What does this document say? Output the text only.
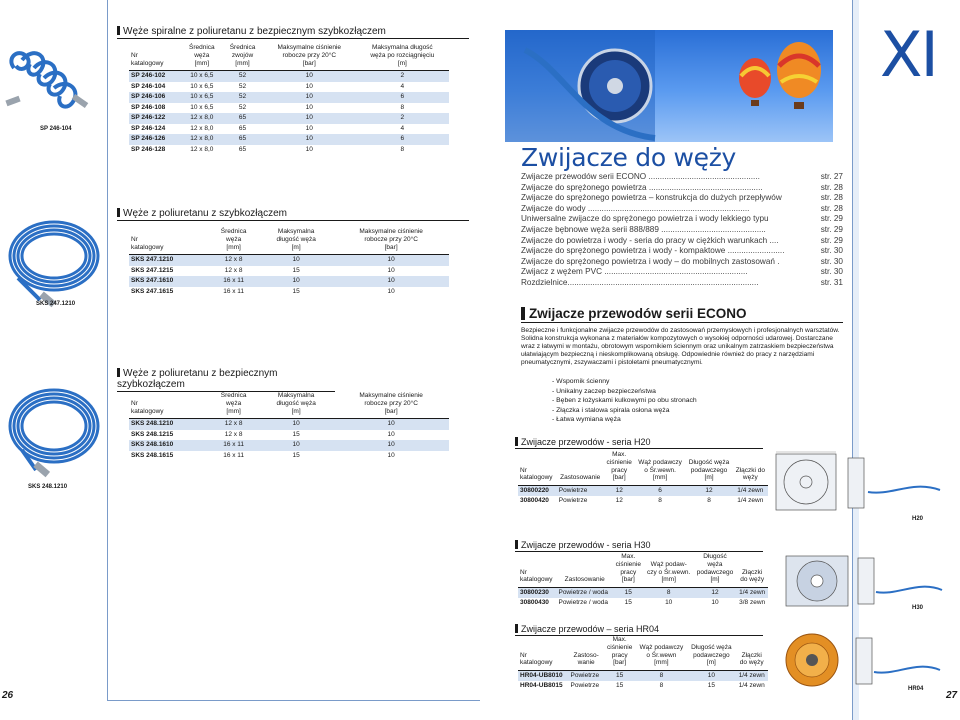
26	27
SP 246-104
Węże spiralne z poliuretanu z bezpiecznym szybkozłączem
Nr
katalogowy	Średnica
węża
[mm]	Średnica
zwojów
[mm]	Maksymalne ciśnienie
robocze przy 20°C
[bar]	Maksymalna długość
węża po rozciągnięciu
[m]
SP 246-102	10 x 6,5	52	10	2
SP 246-104	10 x 6,5	52	10	4
SP 246-106	10 x 6,5	52	10	6
SP 246-108	10 x 6,5	52	10	8
SP 246-122	12 x 8,0	65	10	2
SP 246-124	12 x 8,0	65	10	4
SP 246-126	12 x 8,0	65	10	6
SP 246-128	12 x 8,0	65	10	8
SKS 247.1210
Węże z poliuretanu z szybkozłączem
Nr
katalogowy	Średnica
węża
[mm]	Maksymalna
długość węża
[m]	Maksymalne ciśnienie
robocze przy 20°C
[bar]
SKS 247.1210	12 x 8	10	10
SKS 247.1215	12 x 8	15	10
SKS 247.1610	16 x 11	10	10
SKS 247.1615	16 x 11	15	10
SKS 248.1210
Węże z poliuretanu z bezpiecznym szybkozłączem
Nr
katalogowy	Średnica
węża
[mm]	Maksymalna
długość węża
[m]	Maksymalne ciśnienie
robocze przy 20°C
[bar]
SKS 248.1210	12 x 8	10	10
SKS 248.1215	12 x 8	15	10
SKS 248.1610	16 x 11	10	10
SKS 248.1615	16 x 11	15	10
XI
Zwijacze do węży
Zwijacze przewodów serii ECONO .................................................	str. 27
Zwijacze do sprężonego powietrza ..................................................	str. 28
Zwijacze do sprężonego powietrza – konstrukcja do dużych przepływów	str. 28
Zwijacze do wody .......................................................................	str. 28
Uniwersalne zwijacze do sprężonego powietrza i wody lekkiego typu	str. 29
Zwijacze bębnowe węża serii 888/889 ..............................................	str. 29
Zwijacze do powietrza i wody - seria do pracy w ciężkich warunkach ....	str. 29
Zwijacze do sprężonego powietrza i wody - kompaktowe .........................	str. 30
Zwijacze do sprężonego powietrza i wody – do mobilnych zastosowań .	str. 30
Zwijacz z wężem PVC ...............................................................	str. 30
Rozdzielnice....................................................................................	str. 31
Zwijacze przewodów serii ECONO
Bezpieczne i funkcjonalne zwijacze przewodów do zastosowań przemysłowych i profesjonalnych warsztatów. Solidna konstrukcja wykonana z materiałów kompozytowych o wysokiej odporności udarowej. Dostarczane wraz z łatwymi w montażu, obrotowym wspornikiem ściennym oraz unikalnym zatrzaskiem bezpieczeństwa ułatwiającym bezpieczną i nieskomplikowaną obsługę. Odpowiednie również do pracy z narzędziami pneumatycznymi, zszywaczami i pistoletami pneumatycznymi.
- Wspornik ścienny
- Unikalny zaczep bezpieczeństwa
- Bęben z łożyskami kulkowymi po obu stronach
- Złączka i stalowa spirala osłona węża
- Łatwa wymiana węża
Zwijacze przewodów - seria H20
Nr
katalogowy	Zastosowanie	Max.
ciśnienie
pracy
[bar]	Wąż podawczy
o Śr.wewn.
[mm]	Długość węża
podawczego
[m]	Złączki do
węży
30800220	Powietrze	12	6	12	1/4 zewn
30800420	Powietrze	12	8	8	1/4 zewn
H20
Zwijacze przewodów - seria H30
Nr
katalogowy	Zastosowanie	Max.
ciśnienie
pracy
[bar]	Wąż podaw-
czy o Śr.wewn.
[mm]	Długość
węża
podawczego
[m]	Złączki
do węży
30800230	Powietrze / woda	15	8	12	1/4 zewn
30800430	Powietrze / woda	15	10	10	3/8 zewn
H30
Zwijacze przewodów – seria HR04
Nr
katalogowy	Zastoso-
wanie	Max.
ciśnienie
pracy
[bar]	Wąż podawczy
o Śr.wewn
[mm]	Długość węża
podawczego
[m]	Złączki
do węży
HR04-UB8010	Powietrze	15	8	10	1/4 zewn
HR04-UB8015	Powietrze	15	8	15	1/4 zewn	HR04
